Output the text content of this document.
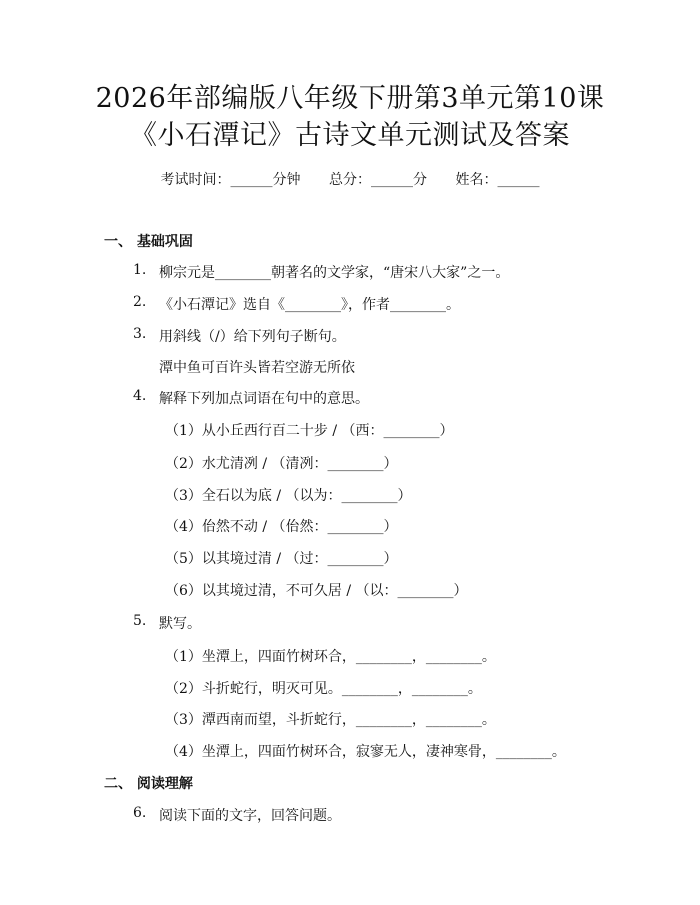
2026年部编版八年级下册第3单元第10课
《小石潭记》古诗文单元测试及答案
考试时间：______分钟 总分：______分 姓名：______
一、 基础巩固
1. 柳宗元是________朝著名的文学家，“唐宋八大家”之一。
2. 《小石潭记》选自《________》，作者________。
3. 用斜线（/）给下列句子断句。
潭中鱼可百许头皆若空游无所依
4. 解释下列加点词语在句中的意思。
（1）从小丘西行百二十步 / （西：________）
（2）水尤清冽 / （清冽：________）
（3）全石以为底 / （以为：________）
（4）佁然不动 / （佁然：________）
（5）以其境过清 / （过：________）
（6）以其境过清，不可久居 / （以：________）
5. 默写。
（1）坐潭上，四面竹树环合，________，________。
（2）斗折蛇行，明灭可见。________，________。
（3）潭西南而望，斗折蛇行，________，________。
（4）坐潭上，四面竹树环合，寂寥无人，凄神寒骨，________。
二、 阅读理解
6. 阅读下面的文字，回答问题。
